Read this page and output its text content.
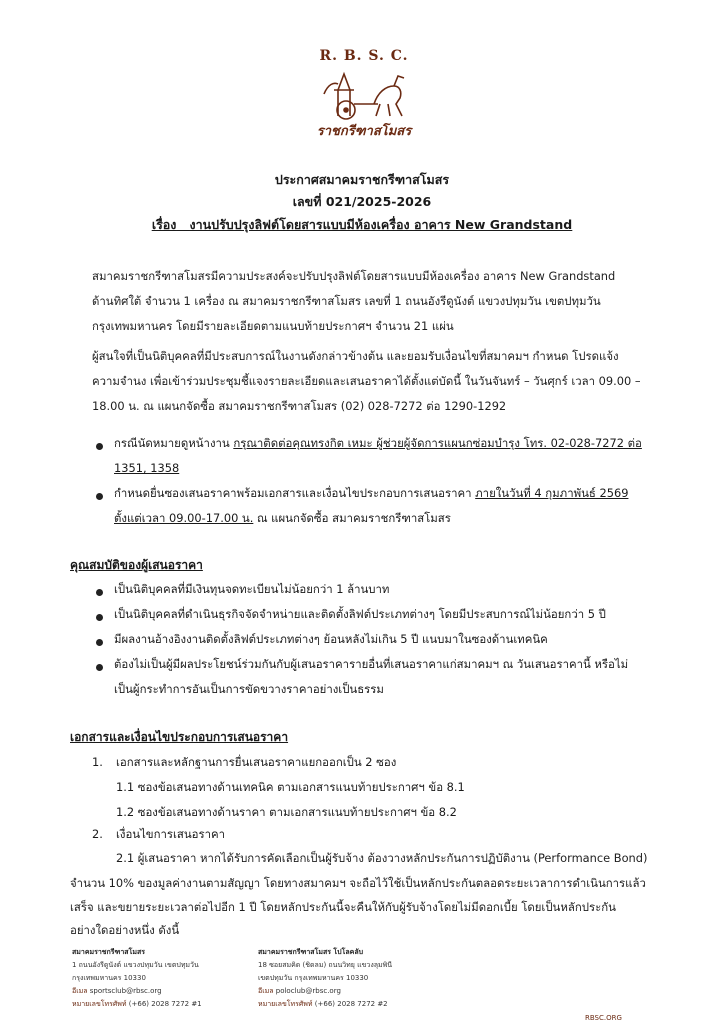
R. B. S. C.
ราชกรีฑาสโมสร
ประกาศสมาคมราชกรีฑาสโมสร
เลขที่ 021/2025-2026
เรื่อง งานปรับปรุงลิฟต์โดยสารแบบมีห้องเครื่อง อาคาร New Grandstand

สมาคมราชกรีฑาสโมสรมีความประสงค์จะปรับปรุงลิฟต์โดยสารแบบมีห้องเครื่อง อาคาร New Grandstand

ด้านทิศใต้ จำนวน 1 เครื่อง ณ สมาคมราชกรีฑาสโมสร เลขที่ 1 ถนนอังรีดูนังต์ แขวงปทุมวัน เขตปทุมวัน

กรุงเทพมหานคร โดยมีรายละเอียดตามแนบท้ายประกาศฯ จำนวน 21 แผ่น

ผู้สนใจที่เป็นนิติบุคคลที่มีประสบการณ์ในงานดังกล่าวข้างต้น และยอมรับเงื่อนไขที่สมาคมฯ กำหนด โปรดแจ้ง

ความจำนง เพื่อเข้าร่วมประชุมชี้แจงรายละเอียดและเสนอราคาได้ตั้งแต่บัดนี้ ในวันจันทร์ – วันศุกร์ เวลา 09.00 –

18.00 น. ณ แผนกจัดซื้อ สมาคมราชกรีฑาสโมสร (02) 028-7272 ต่อ 1290-1292

กรณีนัดหมายดูหน้างาน กรุณาติดต่อคุณทรงกิต เหมะ ผู้ช่วยผู้จัดการแผนกซ่อมบำรุง โทร. 02-028-7272 ต่อ
1351, 1358
กำหนดยื่นซองเสนอราคาพร้อมเอกสารและเงื่อนไขประกอบการเสนอราคา ภายในวันที่ 4 กุมภาพันธ์ 2569
ตั้งแต่เวลา 09.00-17.00 น. ณ แผนกจัดซื้อ สมาคมราชกรีฑาสโมสร
คุณสมบัติของผู้เสนอราคา
เป็นนิติบุคคลที่มีเงินทุนจดทะเบียนไม่น้อยกว่า 1 ล้านบาท
เป็นนิติบุคคลที่ดำเนินธุรกิจจัดจำหน่ายและติดตั้งลิฟต์ประเภทต่างๆ โดยมีประสบการณ์ไม่น้อยกว่า 5 ปี
มีผลงานอ้างอิงงานติดตั้งลิฟต์ประเภทต่างๆ ย้อนหลังไม่เกิน 5 ปี แนบมาในซองด้านเทคนิค
ต้องไม่เป็นผู้มีผลประโยชน์ร่วมกันกับผู้เสนอราคารายอื่นที่เสนอราคาแก่สมาคมฯ ณ วันเสนอราคานี้ หรือไม่
เป็นผู้กระทำการอันเป็นการขัดขวางราคาอย่างเป็นธรรม
เอกสารและเงื่อนไขประกอบการเสนอราคา
1. เอกสารและหลักฐานการยื่นเสนอราคาแยกออกเป็น 2 ซอง
1.1 ซองข้อเสนอทางด้านเทคนิค ตามเอกสารแนบท้ายประกาศฯ ข้อ 8.1
1.2 ซองข้อเสนอทางด้านราคา ตามเอกสารแนบท้ายประกาศฯ ข้อ 8.2
2. เงื่อนไขการเสนอราคา

2.1 ผู้เสนอราคา หากได้รับการคัดเลือกเป็นผู้รับจ้าง ต้องวางหลักประกันการปฏิบัติงาน (Performance Bond)

จำนวน 10% ของมูลค่างานตามสัญญา โดยทางสมาคมฯ จะถือไว้ใช้เป็นหลักประกันตลอดระยะเวลาการดำเนินการแล้ว

เสร็จ และขยายระยะเวลาต่อไปอีก 1 ปี โดยหลักประกันนี้จะคืนให้กับผู้รับจ้างโดยไม่มีดอกเบี้ย โดยเป็นหลักประกัน

อย่างใดอย่างหนึ่ง ดังนี้

สมาคมราชกรีฑาสโมสร
1 ถนนอังรีดูนังต์ แขวงปทุมวัน เขตปทุมวัน
กรุงเทพมหานคร 10330
อีเมล sportsclub@rbsc.org
หมายเลขโทรศัพท์ (+66) 2028 7272 #1
สมาคมราชกรีฑาสโมสร โปโลคลับ
18 ซอยสมคิด (ชิดลม) ถนนวิทยุ แขวงลุมพินี
เขตปทุมวัน กรุงเทพมหานคร 10330
อีเมล poloclub@rbsc.org
หมายเลขโทรศัพท์ (+66) 2028 7272 #2
RBSC.ORG
